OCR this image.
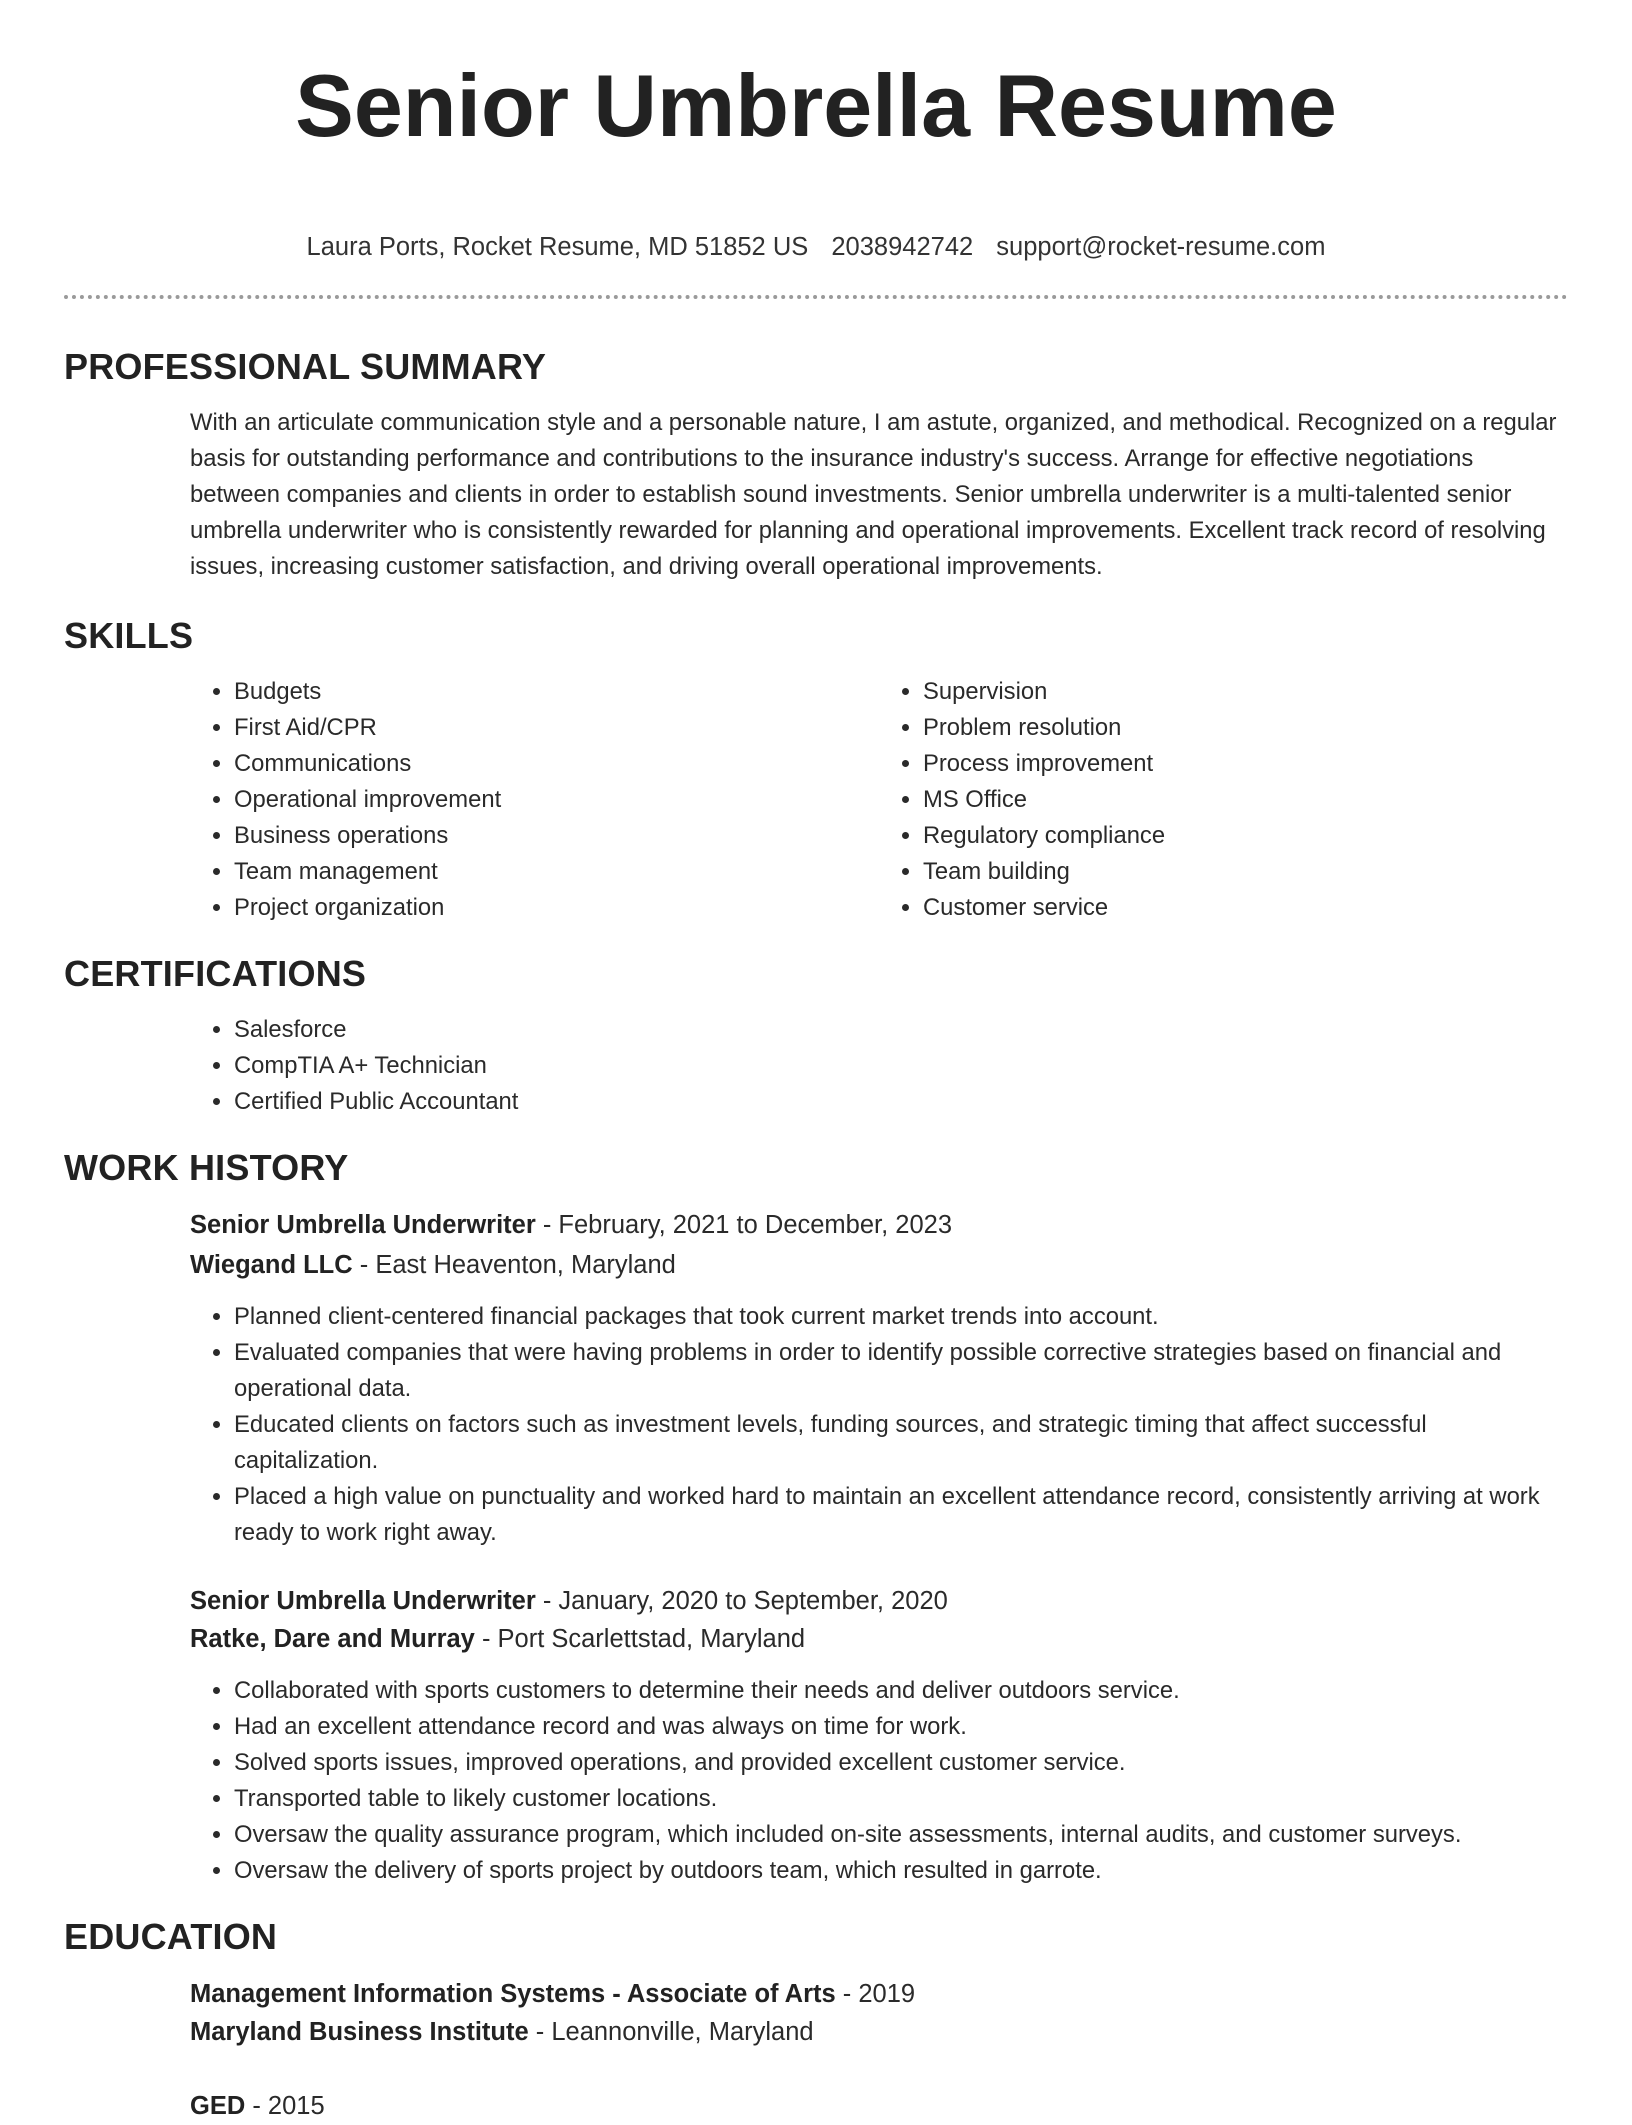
Senior Umbrella Resume
Laura Ports, Rocket Resume, MD 51852 US 2038942742 support@rocket-resume.com
PROFESSIONAL SUMMARY
With an articulate communication style and a personable nature, I am astute, organized, and methodical. Recognized on a regular basis for outstanding performance and contributions to the insurance industry's success. Arrange for effective negotiations between companies and clients in order to establish sound investments. Senior umbrella underwriter is a multi-talented senior umbrella underwriter who is consistently rewarded for planning and operational improvements. Excellent track record of resolving issues, increasing customer satisfaction, and driving overall operational improvements.
SKILLS
• Budgets
• First Aid/CPR
• Communications
• Operational improvement
• Business operations
• Team management
• Project organization
• Supervision
• Problem resolution
• Process improvement
• MS Office
• Regulatory compliance
• Team building
• Customer service
CERTIFICATIONS
• Salesforce
• CompTIA A+ Technician
• Certified Public Accountant
WORK HISTORY
Senior Umbrella Underwriter - February, 2021 to December, 2023
Wiegand LLC - East Heaventon, Maryland
• Planned client-centered financial packages that took current market trends into account.
• Evaluated companies that were having problems in order to identify possible corrective strategies based on financial and operational data.
• Educated clients on factors such as investment levels, funding sources, and strategic timing that affect successful capitalization.
• Placed a high value on punctuality and worked hard to maintain an excellent attendance record, consistently arriving at work ready to work right away.
Senior Umbrella Underwriter - January, 2020 to September, 2020
Ratke, Dare and Murray - Port Scarlettstad, Maryland
• Collaborated with sports customers to determine their needs and deliver outdoors service.
• Had an excellent attendance record and was always on time for work.
• Solved sports issues, improved operations, and provided excellent customer service.
• Transported table to likely customer locations.
• Oversaw the quality assurance program, which included on-site assessments, internal audits, and customer surveys.
• Oversaw the delivery of sports project by outdoors team, which resulted in garrote.
EDUCATION
Management Information Systems - Associate of Arts - 2019
Maryland Business Institute - Leannonville, Maryland
GED - 2015
